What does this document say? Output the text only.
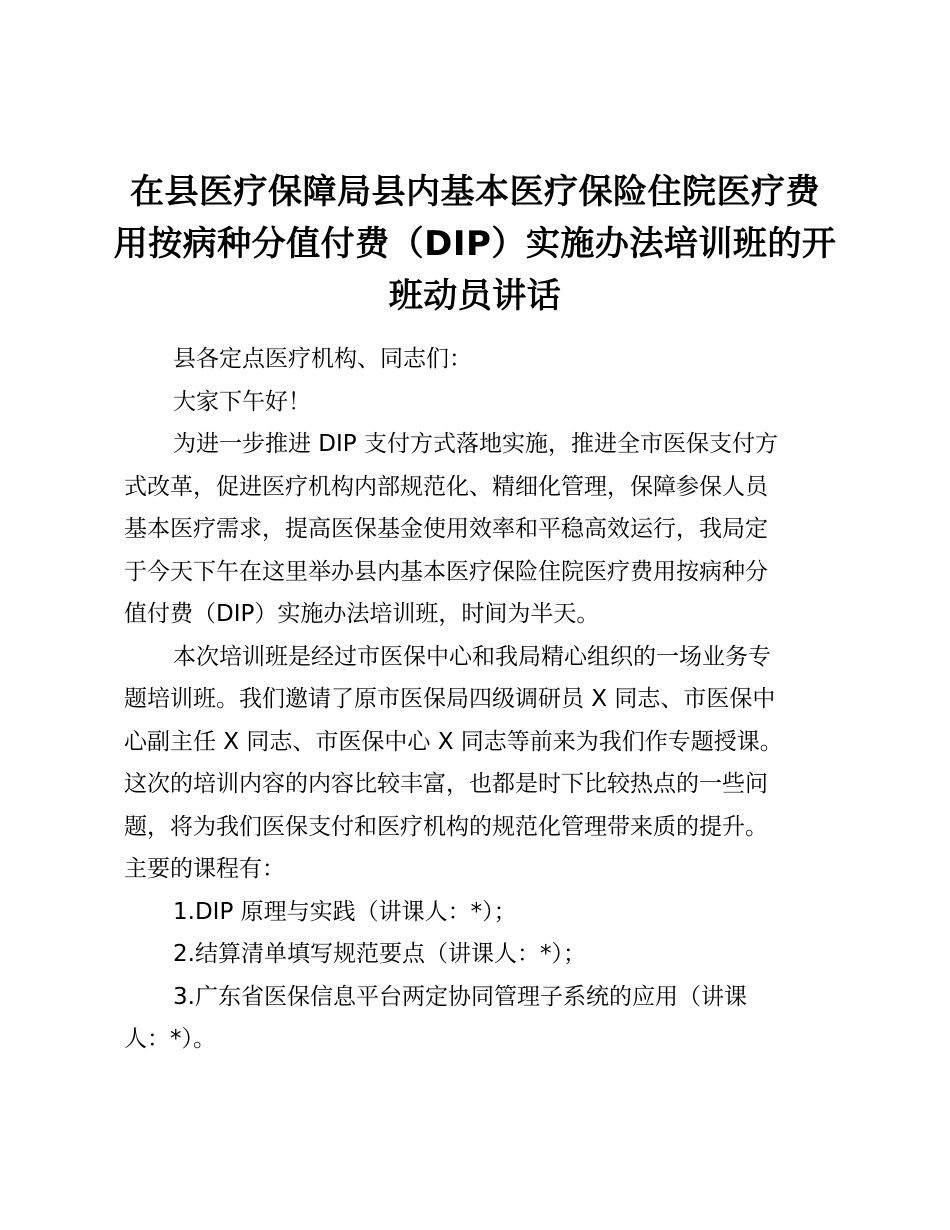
在县医疗保障局县内基本医疗保险住院医疗费
用按病种分值付费（DIP）实施办法培训班的开
班动员讲话
县各定点医疗机构、同志们：
大家下午好！
为进一步推进 DIP 支付方式落地实施，推进全市医保支付方
式改革，促进医疗机构内部规范化、精细化管理，保障参保人员
基本医疗需求，提高医保基金使用效率和平稳高效运行，我局定
于今天下午在这里举办县内基本医疗保险住院医疗费用按病种分
值付费（DIP）实施办法培训班，时间为半天。
本次培训班是经过市医保中心和我局精心组织的一场业务专
题培训班。我们邀请了原市医保局四级调研员 X 同志、市医保中
心副主任 X 同志、市医保中心 X 同志等前来为我们作专题授课。
这次的培训内容的内容比较丰富，也都是时下比较热点的一些问
题，将为我们医保支付和医疗机构的规范化管理带来质的提升。
主要的课程有：
1.DIP 原理与实践（讲课人：*）；
2.结算清单填写规范要点（讲课人：*）；
3.广东省医保信息平台两定协同管理子系统的应用（讲课
人：*）。
